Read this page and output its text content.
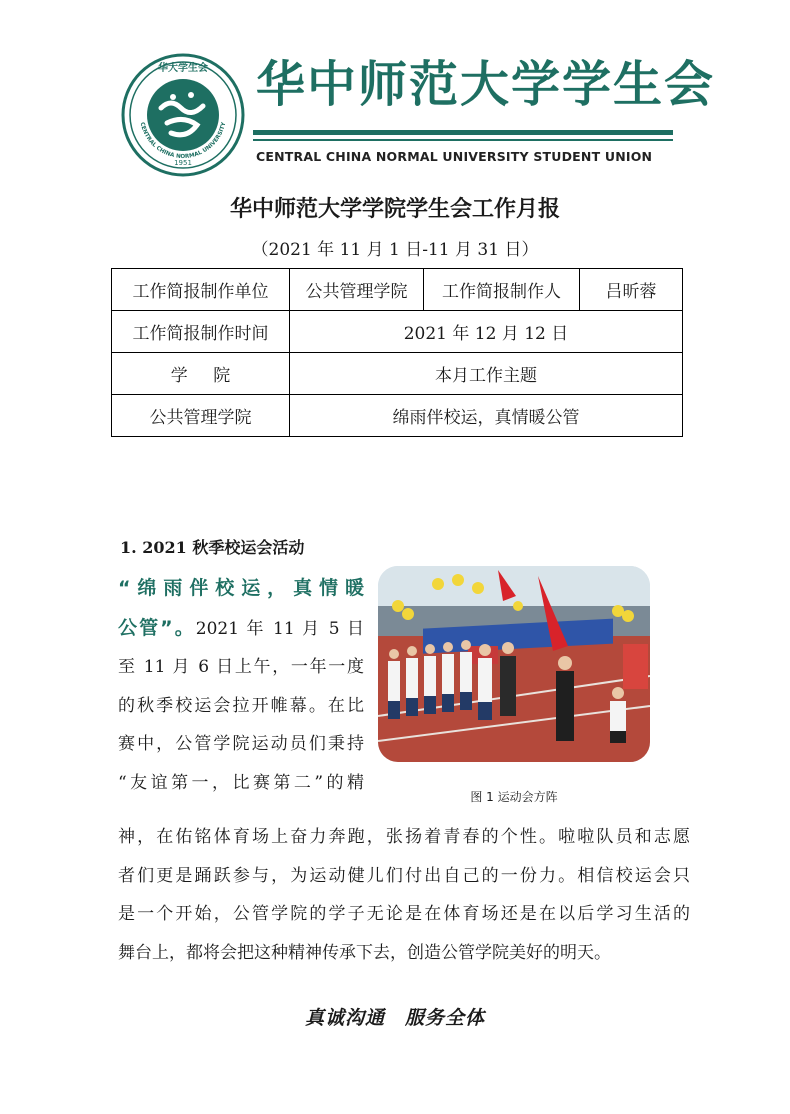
华大学生会
CENTRAL CHINA NORMAL UNIVERSITY
1951
华中师范大学学生会
CENTRAL CHINA NORMAL UNIVERSITY STUDENT UNION
华中师范大学学院学生会工作月报
（2021 年 11 月 1 日-11 月 31 日）
工作简报制作单位	公共管理学院	工作简报制作人	吕昕蓉
工作简报制作时间	2021 年 12 月 12 日		
学 院	本月工作主题		
公共管理学院	绵雨伴校运，真情暖公管		
1. 2021 秋季校运会活动
“绵雨伴校运，真情暖
公管”。2021 年 11 月 5 日
至 11 月 6 日上午，一年一度
的秋季校运会拉开帷幕。在比
赛中，公管学院运动员们秉持
“友谊第一，比赛第二”的精
图 1 运动会方阵
神，在佑铭体育场上奋力奔跑，张扬着青春的个性。啦啦队员和志愿
者们更是踊跃参与，为运动健儿们付出自己的一份力。相信校运会只
是一个开始，公管学院的学子无论是在体育场还是在以后学习生活的
舞台上，都将会把这种精神传承下去，创造公管学院美好的明天。
真诚沟通　服务全体
